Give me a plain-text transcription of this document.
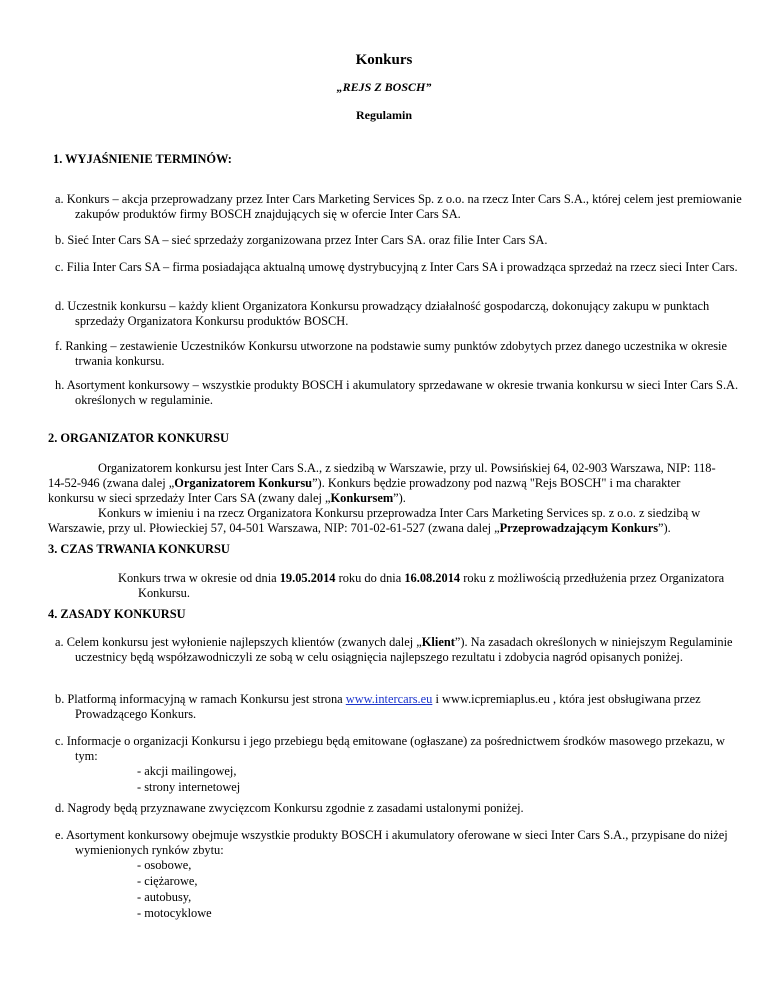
Konkurs
„REJS Z BOSCH”
Regulamin
1. WYJAŚNIENIE TERMINÓW:

a. Konkurs – akcja przeprowadzany przez Inter Cars Marketing Services Sp. z o.o. na rzecz Inter Cars S.A., której celem jest premiowanie zakupów produktów firmy BOSCH znajdujących się w ofercie Inter Cars SA.

b. Sieć Inter Cars SA – sieć sprzedaży zorganizowana przez Inter Cars SA. oraz filie Inter Cars SA.

c. Filia Inter Cars SA – firma posiadająca aktualną umowę dystrybucyjną z Inter Cars SA i prowadząca sprzedaż na rzecz sieci Inter Cars.

d. Uczestnik konkursu – każdy klient Organizatora Konkursu prowadzący działalność gospodarczą, dokonujący zakupu w punktach sprzedaży Organizatora Konkursu produktów BOSCH.

f. Ranking – zestawienie Uczestników Konkursu utworzone na podstawie sumy punktów zdobytych przez danego uczestnika w okresie trwania konkursu.

h. Asortyment konkursowy – wszystkie produkty BOSCH i akumulatory sprzedawane w okresie trwania konkursu w sieci Inter Cars S.A. określonych w regulaminie.

2. ORGANIZATOR KONKURSU

Organizatorem konkursu jest Inter Cars S.A., z siedzibą w Warszawie, przy ul. Powsińskiej 64, 02-903 Warszawa, NIP: 118-14-52-946 (zwana dalej „Organizatorem Konkursu”). Konkurs będzie prowadzony pod nazwą "Rejs BOSCH" i ma charakter konkursu w sieci sprzedaży Inter Cars SA (zwany dalej „Konkursem”).

Konkurs w imieniu i na rzecz Organizatora Konkursu przeprowadza Inter Cars Marketing Services sp. z o.o. z siedzibą w Warszawie, przy ul. Płowieckiej 57, 04-501 Warszawa, NIP: 701-02-61-527 (zwana dalej „Przeprowadzającym Konkurs”).

3. CZAS TRWANIA KONKURSU

Konkurs trwa w okresie od dnia 19.05.2014 roku do dnia 16.08.2014 roku z możliwością przedłużenia przez Organizatora Konkursu.

4. ZASADY KONKURSU

a. Celem konkursu jest wyłonienie najlepszych klientów (zwanych dalej „Klient”). Na zasadach określonych w niniejszym Regulaminie uczestnicy będą współzawodniczyli ze sobą w celu osiągnięcia najlepszego rezultatu i zdobycia nagród opisanych poniżej.

b. Platformą informacyjną w ramach Konkursu jest strona www.intercars.eu i www.icpremiaplus.eu , która jest obsługiwana przez Prowadzącego Konkurs.

c. Informacje o organizacji Konkursu i jego przebiegu będą emitowane (ogłaszane) za pośrednictwem środków masowego przekazu, w tym:

- akcji mailingowej,
- strony internetowej

d. Nagrody będą przyznawane zwycięzcom Konkursu zgodnie z zasadami ustalonymi poniżej.

e. Asortyment konkursowy obejmuje wszystkie produkty BOSCH i akumulatory oferowane w sieci Inter Cars S.A., przypisane do niżej wymienionych rynków zbytu:

- osobowe,
- ciężarowe,
- autobusy,
- motocyklowe
